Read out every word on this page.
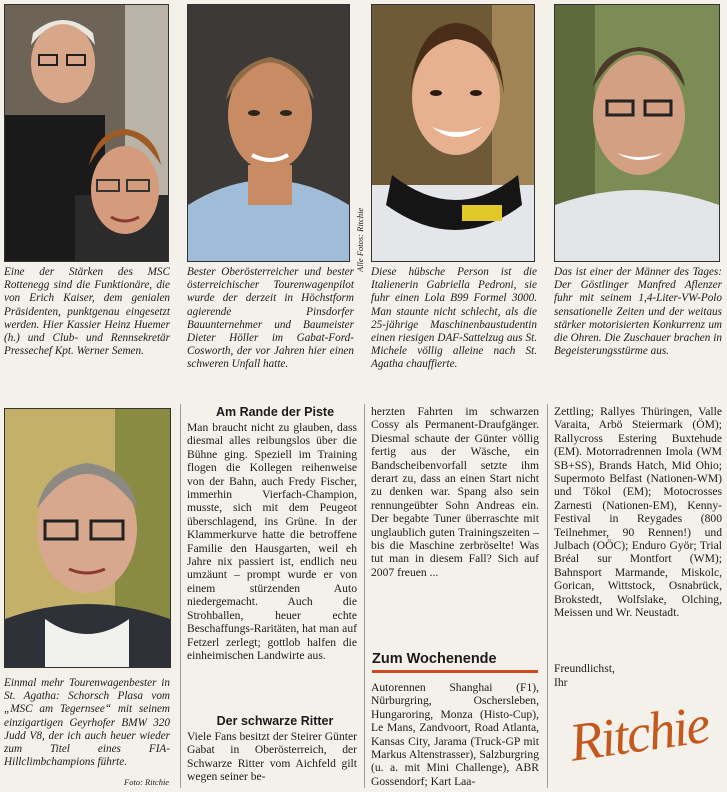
Alle Fotos: Ritchie
Foto: Ritchie
Eine der Stärken des MSC Rottenegg sind die Funktionäre, die von Erich Kaiser, dem genialen Präsidenten, punktgenau eingesetzt werden. Hier Kassier Heinz Huemer (h.) und Club- und Rennsekretär Pressechef Kpt. Werner Semen.
Bester Oberösterreicher und bester österreichischer Tourenwagenpilot wurde der derzeit in Höchstform agierende Pinsdorfer Bauunternehmer und Baumeister Dieter Höller im Gabat-Ford-Cosworth, der vor Jahren hier einen schweren Unfall hatte.
Diese hübsche Person ist die Italienerin Gabriella Pedroni, sie fuhr einen Lola B99 Formel 3000. Man staunte nicht schlecht, als die 25-jährige Maschinenbaustudentin einen riesigen DAF-Sattelzug aus St. Michele völlig alleine nach St. Agatha chauffierte.
Das ist einer der Männer des Tages: Der Göstlinger Manfred Aflenzer fuhr mit seinem 1,4-Liter-VW-Polo sensationelle Zeiten und der weitaus stärker motorisierten Konkurrenz um die Ohren. Die Zuschauer brachen in Begeisterungsstürme aus.
Einmal mehr Tourenwagenbester in St. Agatha: Schorsch Plasa vom „MSC am Tegernsee“ mit seinem einzigartigen Geyrhofer BMW 320 Judd V8, der ich auch heuer wieder zum Titel eines FIA-Hillclimbchampions führte.
Am Rande der Piste
Man braucht nicht zu glauben, dass diesmal alles reibungslos über die Bühne ging. Speziell im Training flogen die Kollegen reihenweise von der Bahn, auch Fredy Fischer, immerhin Vierfach-Champion, musste, sich mit dem Peugeot überschlagend, ins Grüne. In der Klammerkurve hatte die betroffene Familie den Hausgarten, weil eh Jahre nix passiert ist, endlich neu umzäunt – prompt wurde er von einem stürzenden Auto niedergemacht. Auch die Strohballen, heuer echte Beschaffungs-Raritäten, hat man auf Fetzerl zerlegt; gottlob halfen die einheimischen Landwirte aus.
Der schwarze Ritter
Viele Fans besitzt der Steirer Günter Gabat in Oberösterreich, der Schwarze Ritter vom Aichfeld gilt wegen seiner be-
herzten Fahrten im schwarzen Cossy als Permanent-Draufgänger. Diesmal schaute der Günter völlig fertig aus der Wäsche, ein Bandscheibenvorfall setzte ihm derart zu, dass an einen Start nicht zu denken war. Spang also sein rennungeübter Sohn Andreas ein. Der begabte Tuner überraschte mit unglaublich guten Trainingszeiten – bis die Maschine zerbröselte! Was tut man in diesem Fall? Sich auf 2007 freuen ...
Zum Wochenende
Autorennen Shanghai (F1), Nürburgring, Oschersleben, Hungaroring, Monza (Histo-Cup), Le Mans, Zandvoort, Road Atlanta, Kansas City, Jarama (Truck-GP mit Markus Altenstrasser), Salzburgring (u. a. mit Mini Challenge), ABR Gossendorf; Kart Laa-
Zettling; Rallyes Thüringen, Valle Varaita, Arbö Steiermark (ÖM); Rallycross Estering Buxtehude (EM). Motorradrennen Imola (WM SB+SS), Brands Hatch, Mid Ohio; Supermoto Belfast (Nationen-WM) und Tökol (EM); Motocrosses Zarnesti (Nationen-EM), Kenny-Festival in Reygades (800 Teilnehmer, 90 Rennen!) und Julbach (OÖC); Enduro Györ; Trial Bréal sur Montfort (WM); Bahnsport Marmande, Miskolc, Gorican, Wittstock, Osnabrück, Brokstedt, Wolfslake, Olching, Meissen und Wr. Neustadt.
Freundlichst,
Ihr
Ritchie
